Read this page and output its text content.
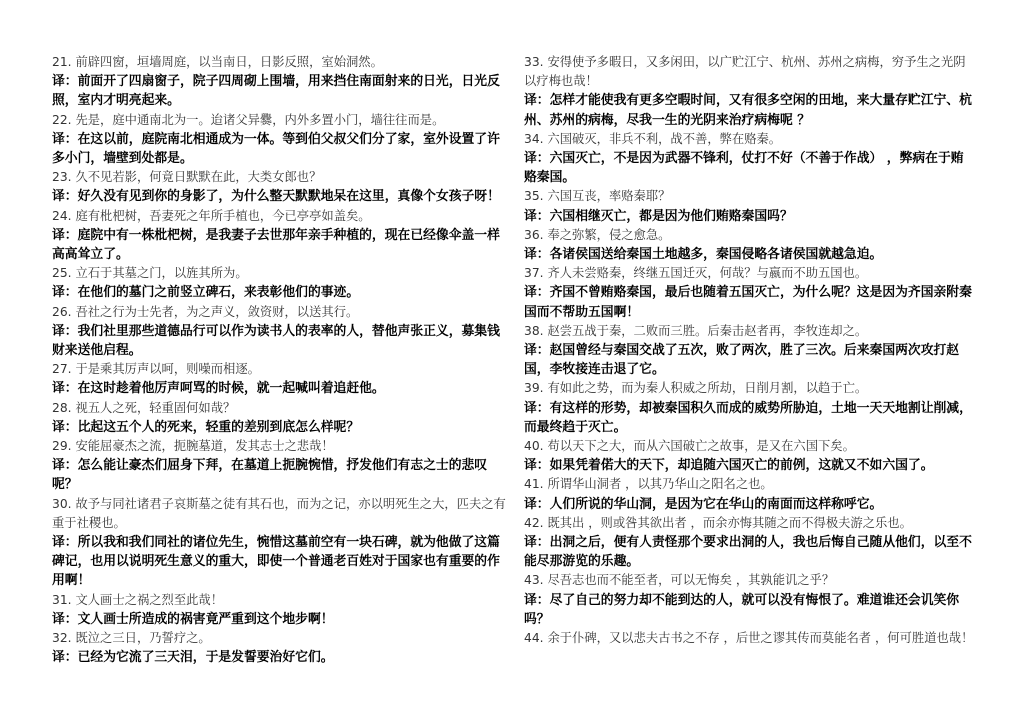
21. 前辟四窗，垣墙周庭，以当南日，日影反照，室始洞然。

译：前面开了四扇窗子，院子四周砌上围墙，用来挡住南面射来的日光，日光反照，室内才明亮起来。

22. 先是，庭中通南北为一。迨诸父异爨，内外多置小门，墙往往而是。

译：在这以前，庭院南北相通成为一体。等到伯父叔父们分了家，室外设置了许多小门，墙壁到处都是。

23. 久不见若影，何竟日默默在此，大类女郎也？

译：好久没有见到你的身影了，为什么整天默默地呆在这里，真像个女孩子呀！

24. 庭有枇杷树，吾妻死之年所手植也，今已亭亭如盖矣。

译：庭院中有一株枇杷树，是我妻子去世那年亲手种植的，现在已经像伞盖一样高高耸立了。

25. 立石于其墓之门，以旌其所为。

译：在他们的墓门之前竖立碑石，来表彰他们的事迹。

26. 吾社之行为士先者，为之声义，敛资财，以送其行。

译：我们社里那些道德品行可以作为读书人的表率的人，替他声张正义，募集钱财来送他启程。

27. 于是乘其厉声以呵，则噪而相逐。

译：在这时趁着他厉声呵骂的时候，就一起喊叫着追赶他。

28. 视五人之死，轻重固何如哉？

译：比起这五个人的死来，轻重的差别到底怎么样呢？

29. 安能屈豪杰之流，扼腕墓道，发其志士之悲哉！

译：怎么能让豪杰们屈身下拜，在墓道上扼腕惋惜，抒发他们有志之士的悲叹呢？

30. 故予与同社诸君子哀斯墓之徒有其石也，而为之记，亦以明死生之大，匹夫之有重于社稷也。

译：所以我和我们同社的诸位先生，惋惜这墓前空有一块石碑，就为他做了这篇碑记，也用以说明死生意义的重大，即使一个普通老百姓对于国家也有重要的作用啊！

31. 文人画士之祸之烈至此哉！

译：文人画士所造成的祸害竟严重到这个地步啊！

32. 既泣之三日，乃誓疗之。

译：已经为它流了三天泪，于是发誓要治好它们。

33. 安得使予多暇日，又多闲田，以广贮江宁、杭州、苏州之病梅，穷予生之光阴以疗梅也哉！

译：怎样才能使我有更多空暇时间，又有很多空闲的田地，来大量存贮江宁、杭州、苏州的病梅，尽我一生的光阴来治疗病梅呢 ？

34. 六国破灭，非兵不利，战不善，弊在赂秦。

译：六国灭亡，不是因为武器不锋利，仗打不好（不善于作战） ，弊病在于贿赂秦国。

35. 六国互丧，率赂秦耶？

译：六国相继灭亡，都是因为他们贿赂秦国吗？

36. 奉之弥繁，侵之愈急。

译：各诸侯国送给秦国土地越多，秦国侵略各诸侯国就越急迫。

37. 齐人未尝赂秦，终继五国迁灭，何哉？与嬴而不助五国也。

译：齐国不曾贿赂秦国，最后也随着五国灭亡，为什么呢？这是因为齐国亲附秦国而不帮助五国啊！

38. 赵尝五战于秦，二败而三胜。后秦击赵者再，李牧连却之。

译：赵国曾经与秦国交战了五次，败了两次，胜了三次。后来秦国两次攻打赵国，李牧接连击退了它。

39. 有如此之势，而为秦人积威之所劫，日削月割，以趋于亡。

译：有这样的形势，却被秦国积久而成的威势所胁迫，土地一天天地割让削减，而最终趋于灭亡。

40. 苟以天下之大，而从六国破亡之故事，是又在六国下矣。

译：如果凭着偌大的天下，却追随六国灭亡的前例，这就又不如六国了。

41. 所谓华山洞者 ，以其乃华山之阳名之也。

译：人们所说的华山洞，是因为它在华山的南面而这样称呼它。

42. 既其出 ，则或咎其欲出者 ，而余亦悔其随之而不得极夫游之乐也。

译：出洞之后，便有人责怪那个要求出洞的人，我也后悔自己随从他们，以至不能尽那游览的乐趣。

43. 尽吾志也而不能至者，可以无悔矣 ，其孰能讥之乎？

译：尽了自己的努力却不能到达的人，就可以没有悔恨了。难道谁还会讥笑你吗？

44. 余于仆碑，又以悲夫古书之不存 ，后世之谬其传而莫能名者 ，何可胜道也哉！
